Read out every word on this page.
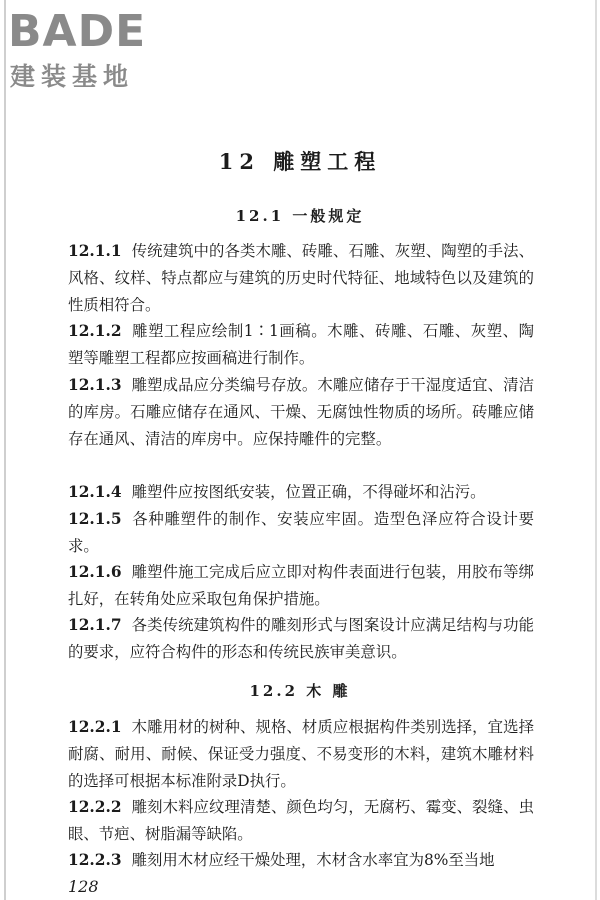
BADE
建装基地
12 雕塑工程
12.1 一般规定

12.1.1 传统建筑中的各类木雕、砖雕、石雕、灰塑、陶塑的手法、风格、纹样、特点都应与建筑的历史时代特征、地域特色以及建筑的性质相符合。

12.1.2 雕塑工程应绘制1∶1画稿。木雕、砖雕、石雕、灰塑、陶塑等雕塑工程都应按画稿进行制作。

12.1.3 雕塑成品应分类编号存放。木雕应储存于干湿度适宜、清洁的库房。石雕应储存在通风、干燥、无腐蚀性物质的场所。砖雕应储存在通风、清洁的库房中。应保持雕件的完整。

12.1.4 雕塑件应按图纸安装，位置正确，不得碰坏和沾污。

12.1.5 各种雕塑件的制作、安装应牢固。造型色泽应符合设计要求。

12.1.6 雕塑件施工完成后应立即对构件表面进行包装，用胶布等绑扎好，在转角处应采取包角保护措施。

12.1.7 各类传统建筑构件的雕刻形式与图案设计应满足结构与功能的要求，应符合构件的形态和传统民族审美意识。

12.2 木 雕

12.2.1 木雕用材的树种、规格、材质应根据构件类别选择，宜选择耐腐、耐用、耐候、保证受力强度、不易变形的木料，建筑木雕材料的选择可根据本标准附录D执行。

12.2.2 雕刻木料应纹理清楚、颜色均匀，无腐朽、霉变、裂缝、虫眼、节疤、树脂漏等缺陷。

12.2.3 雕刻用木材应经干燥处理，木材含水率宜为8%至当地

128
